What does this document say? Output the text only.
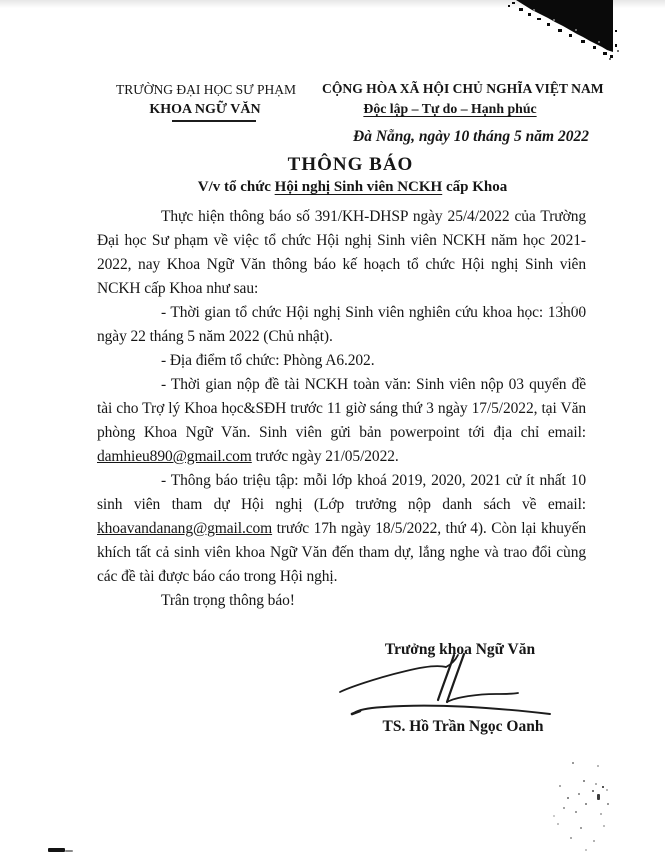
TRƯỜNG ĐẠI HỌC SƯ PHẠM
KHOA NGỮ VĂN
CỘNG HÒA XÃ HỘI CHỦ NGHĨA VIỆT NAM
Độc lập – Tự do – Hạnh phúc
Đà Nẵng, ngày 10 tháng 5 năm 2022
THÔNG BÁO
V/v tổ chức Hội nghị Sinh viên NCKH cấp Khoa

Thực hiện thông báo số 391/KH-DHSP ngày 25/4/2022 của Trường Đại học Sư phạm về việc tổ chức Hội nghị Sinh viên NCKH năm học 2021-2022, nay Khoa Ngữ Văn thông báo kế hoạch tổ chức Hội nghị Sinh viên NCKH cấp Khoa như sau:

- Thời gian tổ chức Hội nghị Sinh viên nghiên cứu khoa học: 13h00 ngày 22 tháng 5 năm 2022 (Chủ nhật).

- Địa điểm tổ chức: Phòng A6.202.

- Thời gian nộp đề tài NCKH toàn văn: Sinh viên nộp 03 quyển đề tài cho Trợ lý Khoa học&SĐH trước 11 giờ sáng thứ 3 ngày 17/5/2022, tại Văn phòng Khoa Ngữ Văn. Sinh viên gửi bản powerpoint tới địa chỉ email: damhieu890@gmail.com trước ngày 21/05/2022.

- Thông báo triệu tập: mỗi lớp khoá 2019, 2020, 2021 cử ít nhất 10 sinh viên tham dự Hội nghị (Lớp trưởng nộp danh sách về email: khoavandanang@gmail.com trước 17h ngày 18/5/2022, thứ 4). Còn lại khuyến khích tất cả sinh viên khoa Ngữ Văn đến tham dự, lắng nghe và trao đổi cùng các đề tài được báo cáo trong Hội nghị.

Trân trọng thông báo!

Trưởng khoa Ngữ Văn
TS. Hồ Trần Ngọc Oanh
